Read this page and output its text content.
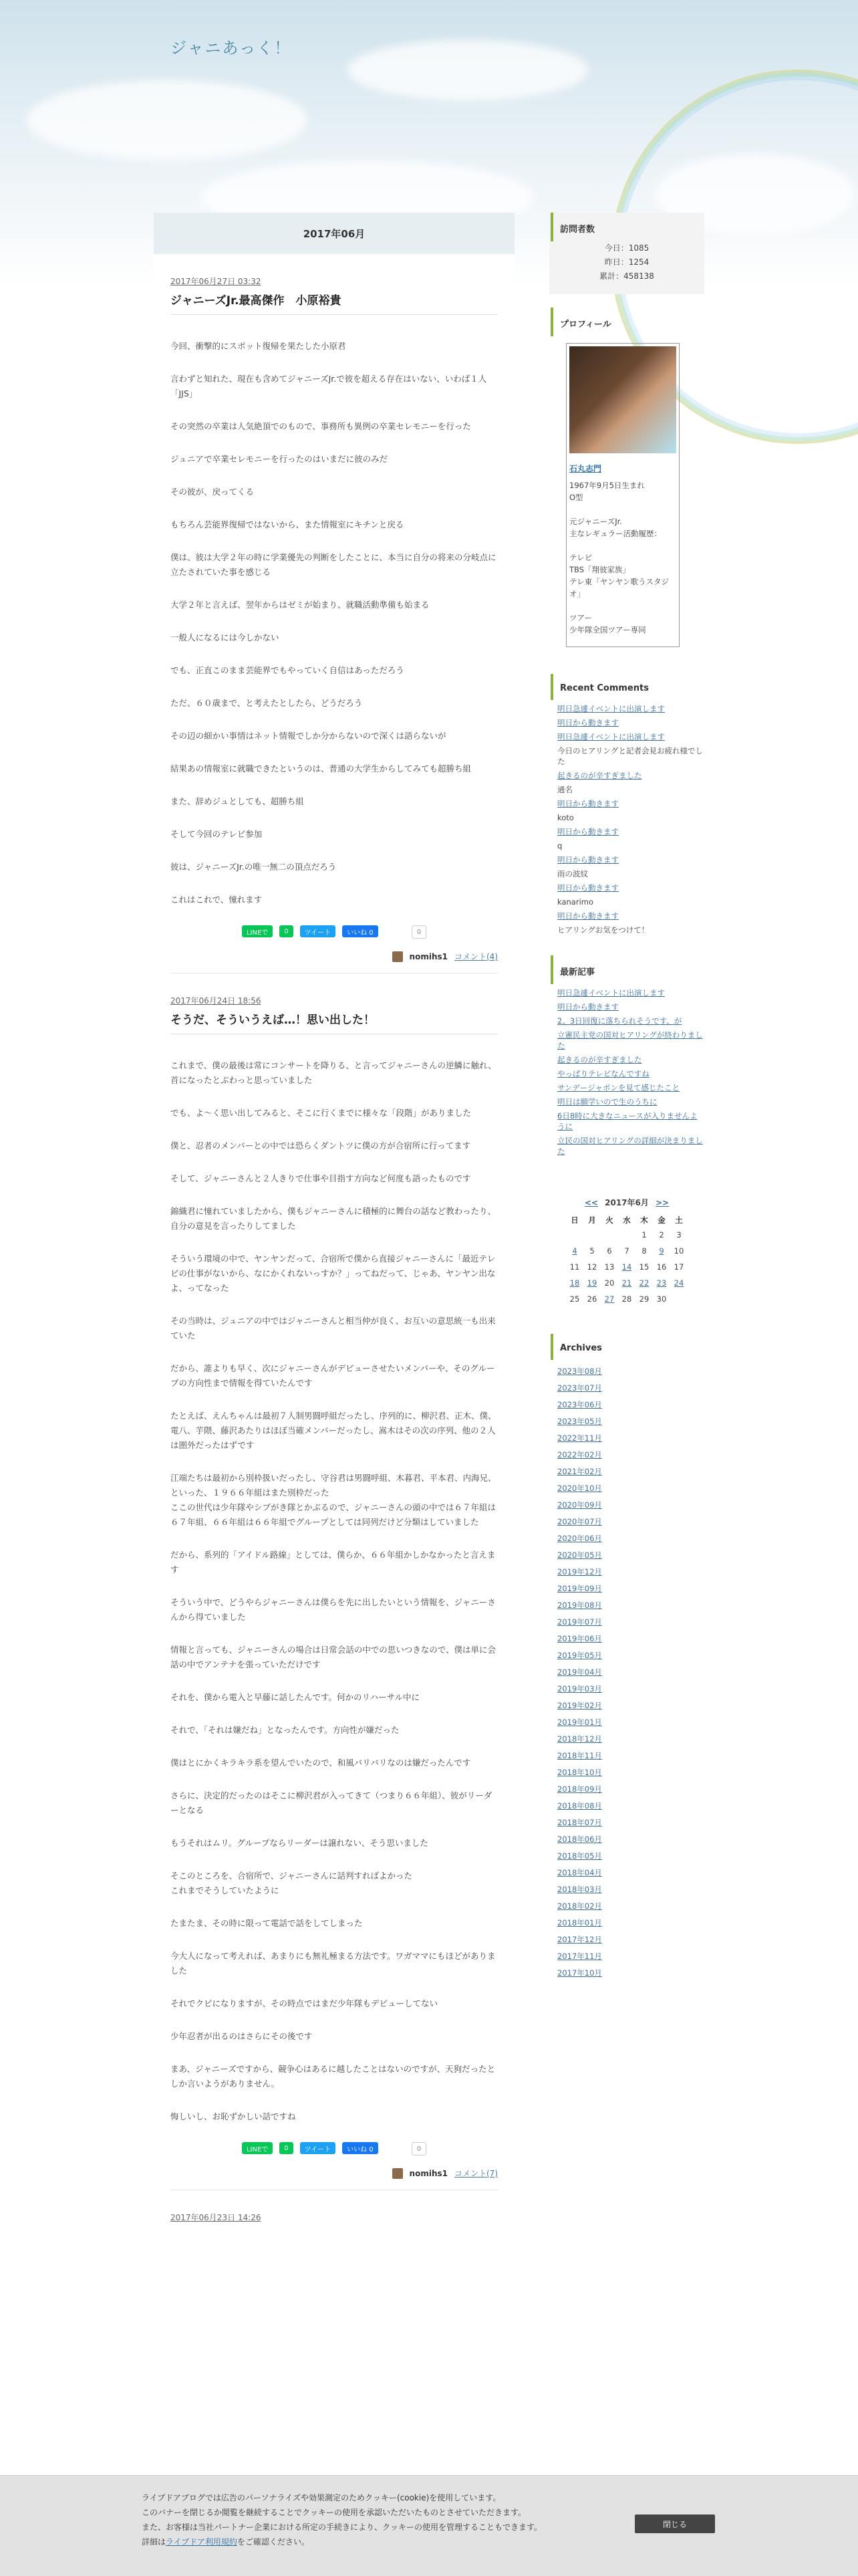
ジャニあっく！
2017年06月
2017年06月27日 03:32
ジャニーズJr.最高傑作　小原裕貴

今回、衝撃的にスポット復帰を果たした小原君

言わずと知れた、現在も含めてジャニーズJr.で彼を超える存在はいない、いわば１人「JJS」

その突然の卒業は人気絶頂でのもので、事務所も異例の卒業セレモニーを行った

ジュニアで卒業セレモニーを行ったのはいまだに彼のみだ

その彼が、戻ってくる

もちろん芸能界復帰ではないから、また情報室にキチンと戻る

僕は、彼は大学２年の時に学業優先の判断をしたことに、本当に自分の将来の分岐点に立たされていた事を感じる

大学２年と言えば、翌年からはゼミが始まり、就職活動準備も始まる

一般人になるには今しかない

でも、正直このまま芸能界でもやっていく自信はあっただろう

ただ、６０歳まで、と考えたとしたら、どうだろう

その辺の細かい事情はネット情報でしか分からないので深くは語らないが

結果あの情報室に就職できたというのは、普通の大学生からしてみても超勝ち組

また、辞めジュとしても、超勝ち組

そして今回のテレビ参加

彼は、ジャニーズJr.の唯一無二の頂点だろう

これはこれで、憧れます

LINEで	0	ツイート	いいね 0	0
nomihs1 コメント(4)
2017年06月24日 18:56
そうだ、そういうえば…！思い出した！

これまで、僕の最後は常にコンサートを降りる、と言ってジャニーさんの逆鱗に触れ、首になったとぶわっと思っていました

でも、よ～く思い出してみると、そこに行くまでに様々な「段階」がありました

僕と、忍者のメンバーとの中では恐らくダントツに僕の方が合宿所に行ってます

そして、ジャニーさんと２人きりで仕事や目指す方向など何度も語ったものです

錦織君に憧れていましたから、僕もジャニーさんに積極的に舞台の話など教わったり、自分の意見を言ったりしてました

そういう環境の中で、ヤンヤンだって、合宿所で僕から直接ジャニーさんに「最近テレビの仕事がないから、なにかくれないっすか？」ってねだって、じゃあ、ヤンヤン出なよ、ってなった

その当時は、ジュニアの中ではジャニーさんと相当仲が良く、お互いの意思統一も出来ていた

だから、誰よりも早く、次にジャニーさんがデビューさせたいメンバーや、そのグループの方向性まで情報を得ていたんです

たとえば、えんちゃんは最初７人制男闘呼組だったし、序列的に、柳沢君、正木、僕、電八、芋隈、藤沢あたりはほぼ当確メンバーだったし、嵩木はその次の序列、他の２人は圏外だったはずです

江端たちは最初から別枠扱いだったし、守谷君は男闘呼組、木暮君、平本君、内海兄、といった、１９６６年組はまた別枠だった
ここの世代は少年隊やシブがき隊とかぶるので、ジャニーさんの頭の中では６７年組は６７年組、６６年組は６６年組でグループとしては同列だけど分類はしていました

だから、系列的「アイドル路線」としては、僕らか、６６年組かしかなかったと言えます

そういう中で、どうやらジャニーさんは僕らを先に出したいという情報を、ジャニーさんから得ていました

情報と言っても、ジャニーさんの場合は日常会話の中での思いつきなので、僕は単に会話の中でアンテナを張っていただけです

それを、僕から電入と早藤に話したんです。何かのリハーサル中に

それで、「それは嫌だね」となったんです。方向性が嫌だった

僕はとにかくキラキラ系を望んでいたので、和風バリバリなのは嫌だったんです

さらに、決定的だったのはそこに柳沢君が入ってきて（つまり６６年組）、彼がリーダーとなる

もうそれはムリ。グループならリーダーは譲れない、そう思いました

そこのところを、合宿所で、ジャニーさんに話判すればよかった
これまでそうしていたように

たまたま、その時に限って電話で話をしてしまった

今大人になって考えれば、あまりにも無礼極まる方法です。ワガママにもほどがありました

それでクビになりますが、その時点ではまだ少年隊もデビューしてない

少年忍者が出るのはさらにその後です

まあ、ジャニーズですから、競争心はあるに越したことはないのですが、天狗だったとしか言いようがありません。

悔しいし、お恥ずかしい話ですね

LINEで	0	ツイート	いいね 0	0
nomihs1 コメント(7)
2017年06月23日 14:26
訪問者数
今日：1085
昨日：1254
累計：458138
プロフィール
石丸志門
1967年9月5日生まれ
O型

元ジャニーズJr.
主なレギュラー活動履歴：

テレビ
TBS「翔彼家族」
テレ東「ヤンヤン歌うスタジオ」

ツアー
少年隊全国ツアー専同
Recent Comments
明日急遽イベントに出演します
明日から動きます
明日急遽イベントに出演します
今日のヒアリングと記者会見お疲れ様でした
起きるのが辛すぎました
通名
明日から動きます
koto
明日から動きます
q
明日から動きます
雨の波紋
明日から動きます
kanarimo
明日から動きます
ヒアリングお気をつけて！
最新記事
明日急遽イベントに出演します
明日から動きます
2、3日回復に落ちられそうです、が
立憲民主党の国対ヒアリングが終わりました
起きるのが辛すぎました
やっぱりテレビなんですね
サンデージャポンを見て感じたこと
明日は願学いので生のうちに
6日8時に大きなニュースが入りませんように
立民の国対ヒアリングの詳細が決まりました
<< 2017年6月 >>
日	月	火	水	木	金	土
				1	2	3
4	5	6	7	8	9	10
11	12	13	14	15	16	17
18	19	20	21	22	23	24
25	26	27	28	29	30	
Archives
2023年08月
2023年07月
2023年06月
2023年05月
2022年11月
2022年02月
2021年02月
2020年10月
2020年09月
2020年07月
2020年06月
2020年05月
2019年12月
2019年09月
2019年08月
2019年07月
2019年06月
2019年05月
2019年04月
2019年03月
2019年02月
2019年01月
2018年12月
2018年11月
2018年10月
2018年09月
2018年08月
2018年07月
2018年06月
2018年05月
2018年04月
2018年03月
2018年02月
2018年01月
2017年12月
2017年11月
2017年10月
ライブドアブログでは広告のパーソナライズや効果測定のためクッキー(cookie)を使用しています。
このバナーを閉じるか閲覧を継続することでクッキーの使用を承認いただいたものとさせていただきます。
また、お客様は当社パートナー企業における所定の手続きにより、クッキーの使用を管理することもできます。
詳細はライブドア利用規約をご確認ください。
閉じる
